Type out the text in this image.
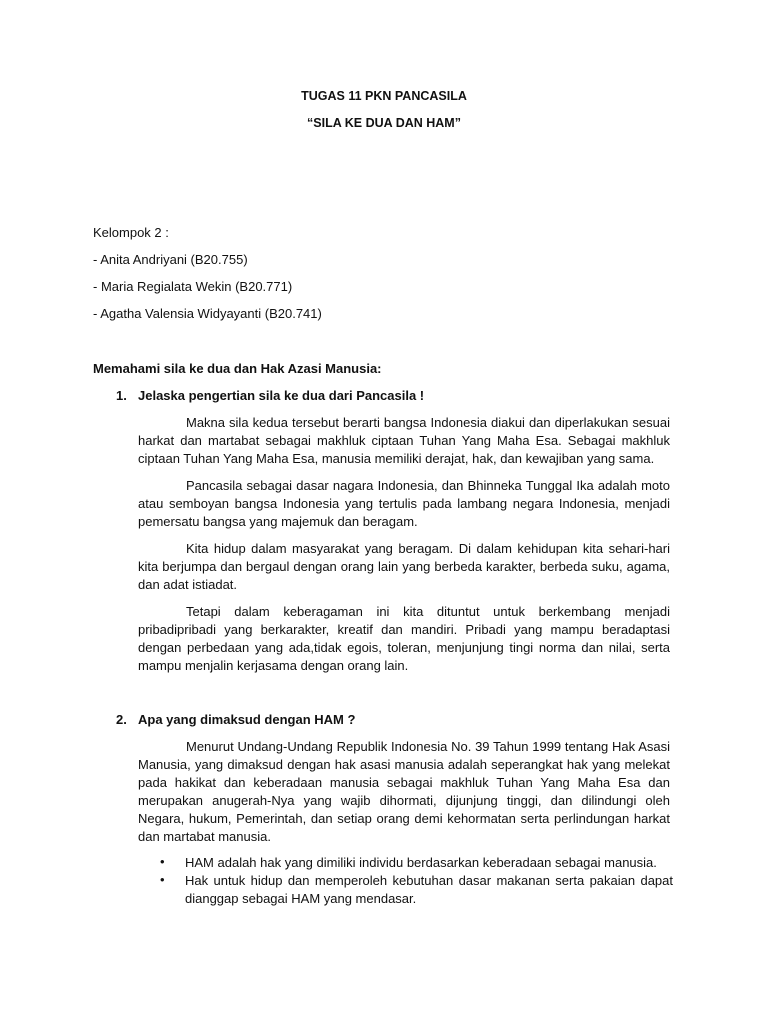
TUGAS 11 PKN PANCASILA
“SILA KE DUA DAN HAM”
Kelompok 2 :
- Anita Andriyani (B20.755)
- Maria Regialata Wekin (B20.771)
- Agatha Valensia Widyayanti (B20.741)
Memahami sila ke dua dan Hak Azasi Manusia:
1. Jelaska pengertian sila ke dua dari Pancasila !
Makna sila kedua tersebut berarti bangsa Indonesia diakui dan diperlakukan sesuai harkat dan martabat sebagai makhluk ciptaan Tuhan Yang Maha Esa. Sebagai makhluk ciptaan Tuhan Yang Maha Esa, manusia memiliki derajat, hak, dan kewajiban yang sama.
Pancasila sebagai dasar nagara Indonesia, dan Bhinneka Tunggal Ika adalah moto atau semboyan bangsa Indonesia yang tertulis pada lambang negara Indonesia, menjadi pemersatu bangsa yang majemuk dan beragam.
Kita hidup dalam masyarakat yang beragam. Di dalam kehidupan kita sehari-hari kita berjumpa dan bergaul dengan orang lain yang berbeda karakter, berbeda suku, agama, dan adat istiadat.
Tetapi dalam keberagaman ini kita dituntut untuk berkembang menjadi pribadipribadi yang berkarakter, kreatif dan mandiri. Pribadi yang mampu beradaptasi dengan perbedaan yang ada,tidak egois, toleran, menjunjung tingi norma dan nilai, serta mampu menjalin kerjasama dengan orang lain.
2. Apa yang dimaksud dengan HAM ?
Menurut Undang-Undang Republik Indonesia No. 39 Tahun 1999 tentang Hak Asasi Manusia, yang dimaksud dengan hak asasi manusia adalah seperangkat hak yang melekat pada hakikat dan keberadaan manusia sebagai makhluk Tuhan Yang Maha Esa dan merupakan anugerah-Nya yang wajib dihormati, dijunjung tinggi, dan dilindungi oleh Negara, hukum, Pemerintah, dan setiap orang demi kehormatan serta perlindungan harkat dan martabat manusia.
• HAM adalah hak yang dimiliki individu berdasarkan keberadaan sebagai manusia.
• Hak untuk hidup dan memperoleh kebutuhan dasar makanan serta pakaian dapat dianggap sebagai HAM yang mendasar.
